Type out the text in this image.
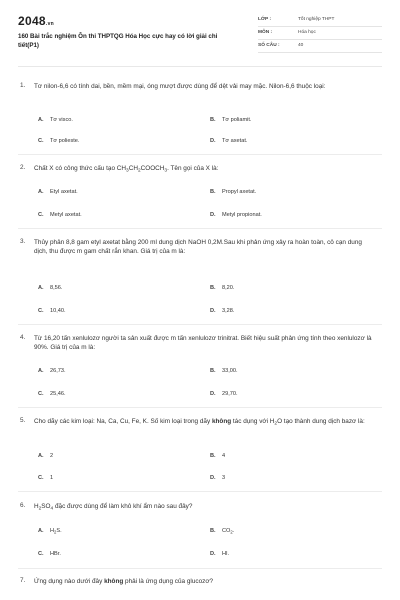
2048.vn
160 Bài trắc nghiệm Ôn thi THPTQG Hóa Học cực hay có lời giải chi tiết(P1)
LỚP :	Tốt nghiệp THPT
MÔN :	Hóa học
SỐ CÂU :	40
1. Tơ nilon-6,6 có tính dai, bền, mềm mại, óng mượt được dùng để dệt vải may mặc. Nilon-6,6 thuộc loại:
A. Tơ visco.	B. Tơ poliamit.
C. Tơ polieste.	D. Tơ axetat.
2. Chất X có công thức cấu tạo $CH_3CH_2COOCH_3$. Tên gọi của X là:
A. Etyl axetat.	B. Propyl axetat.
C. Metyl axetat.	D. Metyl propionat.
3. Thủy phân 8,8 gam etyl axetat bằng 200 ml dung dịch NaOH 0,2M.Sau khi phản ứng xảy ra hoàn toàn, cô cạn dung dịch, thu được m gam chất rắn khan. Giá trị của m là:
A. 8,56.	B. 8,20.
C. 10,40.	D. 3,28.
4. Từ 16,20 tấn xenlulozơ người ta sản xuất được m tấn xenlulozơ trinitrat. Biết hiệu suất phản ứng tính theo xenlulozơ là 90%. Giá trị của m là:
A. 26,73.	B. 33,00.
C. 25,46.	D. 29,70.
5. Cho dãy các kim loại: Na, Ca, Cu, Fe, K. Số kim loại trong dãy không tác dụng với $H_2O$ tạo thành dung dịch bazơ là:
A. 2	B. 4
C. 1	D. 3
6. $H_2SO_4$ đặc được dùng để làm khô khí ẩm nào sau đây?
A. $H_2S$.	B. $CO_2$.
C. HBr.	D. HI.
7. Ứng dụng nào dưới đây không phải là ứng dụng của glucozơ?
